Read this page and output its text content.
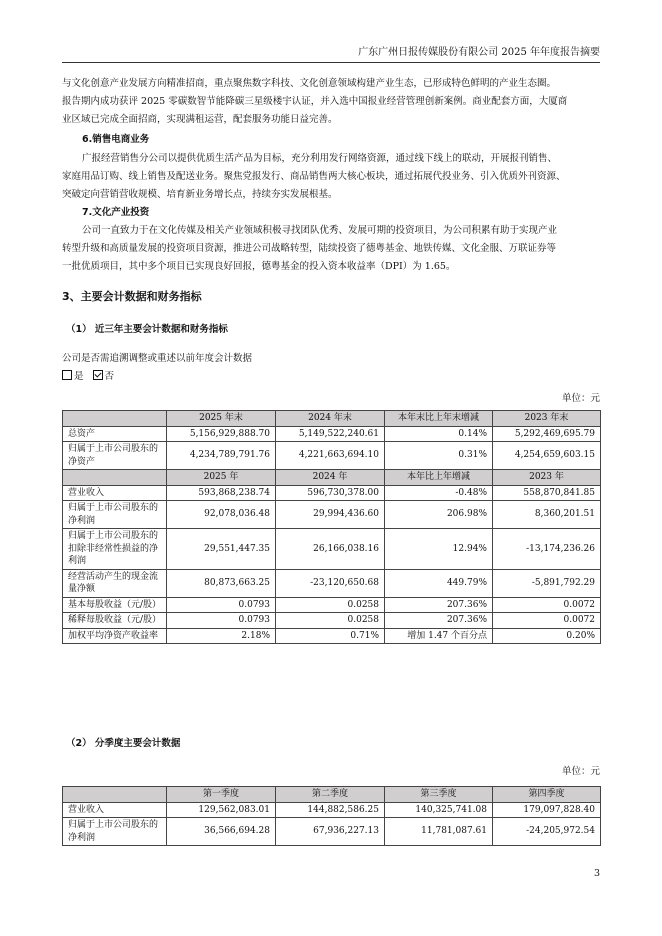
广东广州日报传媒股份有限公司 2025 年年度报告摘要

与文化创意产业发展方向精准招商，重点聚焦数字科技、文化创意领域构建产业生态，已形成特色鲜明的产业生态圈。

报告期内成功获评 2025 零碳数智节能降碳三星级楼宇认证，并入选中国报业经营管理创新案例。商业配套方面，大厦商

业区域已完成全面招商，实现满租运营，配套服务功能日益完善。

6.销售电商业务

广报经营销售分公司以提供优质生活产品为目标，充分利用发行网络资源，通过线下线上的联动，开展报刊销售、

家庭用品订购、线上销售及配送业务。聚焦党报发行、商品销售两大核心板块，通过拓展代投业务、引入优质外刊资源、

突破定向营销营收规模、培育新业务增长点，持续夯实发展根基。

7.文化产业投资

公司一直致力于在文化传媒及相关产业领域积极寻找团队优秀、发展可期的投资项目，为公司积累有助于实现产业

转型升级和高质量发展的投资项目资源，推进公司战略转型，陆续投资了德粤基金、地铁传媒、文化金服、万联证券等

一批优质项目，其中多个项目已实现良好回报，德粤基金的投入资本收益率（DPI）为 1.65。

3、主要会计数据和财务指标
（1） 近三年主要会计数据和财务指标
公司是否需追溯调整或重述以前年度会计数据
是 否
单位：元
	2025 年末	2024 年末	本年末比上年末增减	2023 年末
总资产	5,156,929,888.70	5,149,522,240.61	0.14%	5,292,469,695.79
归属于上市公司股东的净资产	4,234,789,791.76	4,221,663,694.10	0.31%	4,254,659,603.15
	2025 年	2024 年	本年比上年增减	2023 年
营业收入	593,868,238.74	596,730,378.00	-0.48%	558,870,841.85
归属于上市公司股东的净利润	92,078,036.48	29,994,436.60	206.98%	8,360,201.51
归属于上市公司股东的扣除非经常性损益的净利润	29,551,447.35	26,166,038.16	12.94%	-13,174,236.26
经营活动产生的现金流量净额	80,873,663.25	-23,120,650.68	449.79%	-5,891,792.29
基本每股收益（元/股）	0.0793	0.0258	207.36%	0.0072
稀释每股收益（元/股）	0.0793	0.0258	207.36%	0.0072
加权平均净资产收益率	2.18%	0.71%	增加 1.47 个百分点	0.20%
（2） 分季度主要会计数据
单位：元
	第一季度	第二季度	第三季度	第四季度
营业收入	129,562,083.01	144,882,586.25	140,325,741.08	179,097,828.40
归属于上市公司股东的净利润	36,566,694.28	67,936,227.13	11,781,087.61	-24,205,972.54
3
